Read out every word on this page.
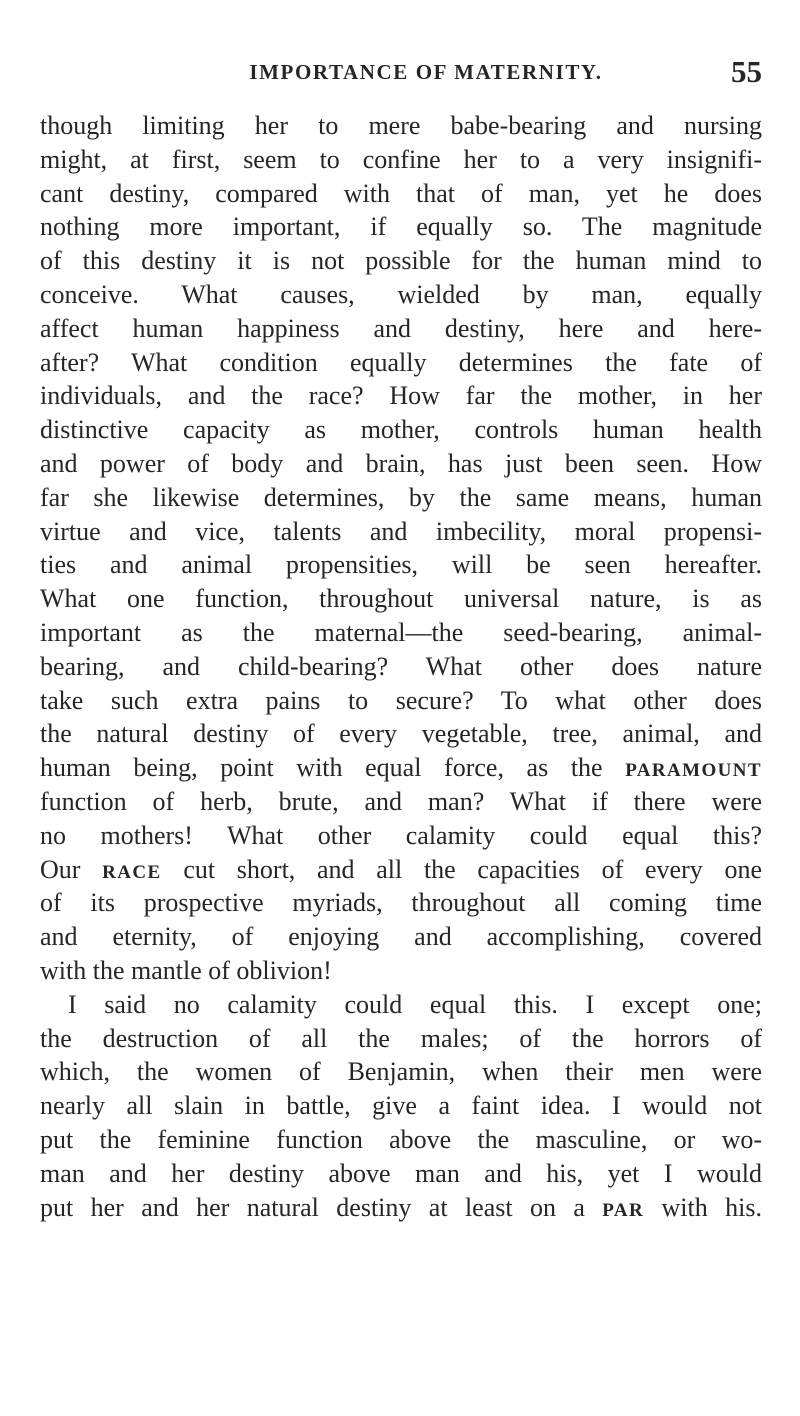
IMPORTANCE OF MATERNITY.	55
though limiting her to mere babe-bearing and nursing
might, at first, seem to confine her to a very insignifi-
cant destiny, compared with that of man, yet he does
nothing more important, if equally so. The magnitude
of this destiny it is not possible for the human mind to
conceive. What causes, wielded by man, equally
affect human happiness and destiny, here and here-
after? What condition equally determines the fate of
individuals, and the race? How far the mother, in her
distinctive capacity as mother, controls human health
and power of body and brain, has just been seen. How
far she likewise determines, by the same means, human
virtue and vice, talents and imbecility, moral propensi-
ties and animal propensities, will be seen hereafter.
What one function, throughout universal nature, is as
important as the maternal—the seed-bearing, animal-
bearing, and child-bearing? What other does nature
take such extra pains to secure? To what other does
the natural destiny of every vegetable, tree, animal, and
human being, point with equal force, as the PARAMOUNT
function of herb, brute, and man? What if there were
no mothers! What other calamity could equal this?
Our RACE cut short, and all the capacities of every one
of its prospective myriads, throughout all coming time
and eternity, of enjoying and accomplishing, covered
with the mantle of oblivion!
I said no calamity could equal this. I except one;
the destruction of all the males; of the horrors of
which, the women of Benjamin, when their men were
nearly all slain in battle, give a faint idea. I would not
put the feminine function above the masculine, or wo-
man and her destiny above man and his, yet I would
put her and her natural destiny at least on a PAR with his.
